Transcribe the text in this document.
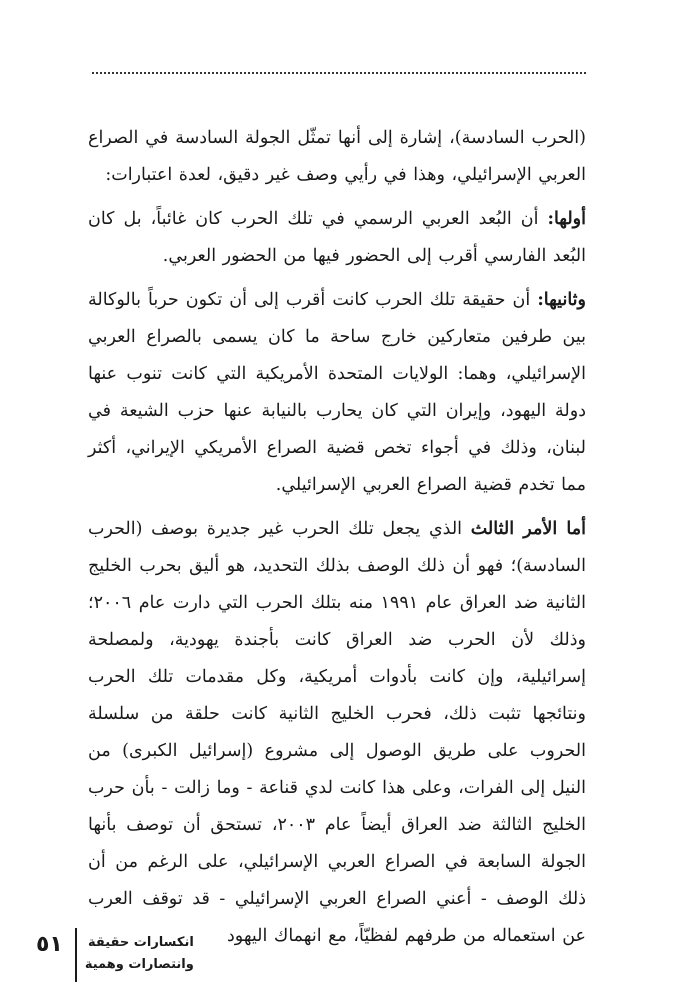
(الحرب السادسة)، إشارة إلى أنها تمثّل الجولة السادسة في الصراع العربي الإسرائيلي، وهذا في رأيي وصف غير دقيق، لعدة اعتبارات:

أولها: أن البُعد العربي الرسمي في تلك الحرب كان غائباً، بل كان البُعد الفارسي أقرب إلى الحضور فيها من الحضور العربي.

وثانيها: أن حقيقة تلك الحرب كانت أقرب إلى أن تكون حرباً بالوكالة بين طرفين متعاركين خارج ساحة ما كان يسمى بالصراع العربي الإسرائيلي، وهما: الولايات المتحدة الأمريكية التي كانت تنوب عنها دولة اليهود، وإيران التي كان يحارب بالنيابة عنها حزب الشيعة في لبنان، وذلك في أجواء تخص قضية الصراع الأمريكي الإيراني، أكثر مما تخدم قضية الصراع العربي الإسرائيلي.

أما الأمر الثالث الذي يجعل تلك الحرب غير جديرة بوصف (الحرب السادسة)؛ فهو أن ذلك الوصف بذلك التحديد، هو أليق بحرب الخليج الثانية ضد العراق عام ١٩٩١ منه بتلك الحرب التي دارت عام ٢٠٠٦؛ وذلك لأن الحرب ضد العراق كانت بأجندة يهودية، ولمصلحة إسرائيلية، وإن كانت بأدوات أمريكية، وكل مقدمات تلك الحرب ونتائجها تثبت ذلك، فحرب الخليج الثانية كانت حلقة من سلسلة الحروب على طريق الوصول إلى مشروع (إسرائيل الكبرى) من النيل إلى الفرات، وعلى هذا كانت لدي قناعة - وما زالت - بأن حرب الخليج الثالثة ضد العراق أيضاً عام ٢٠٠٣، تستحق أن توصف بأنها الجولة السابعة في الصراع العربي الإسرائيلي، على الرغم من أن ذلك الوصف - أعني الصراع العربي الإسرائيلي - قد توقف العرب عن استعماله من طرفهم لفظيّاً، مع انهماك اليهود

٥١	انكسارات حقيقة
وانتصارات وهمية
